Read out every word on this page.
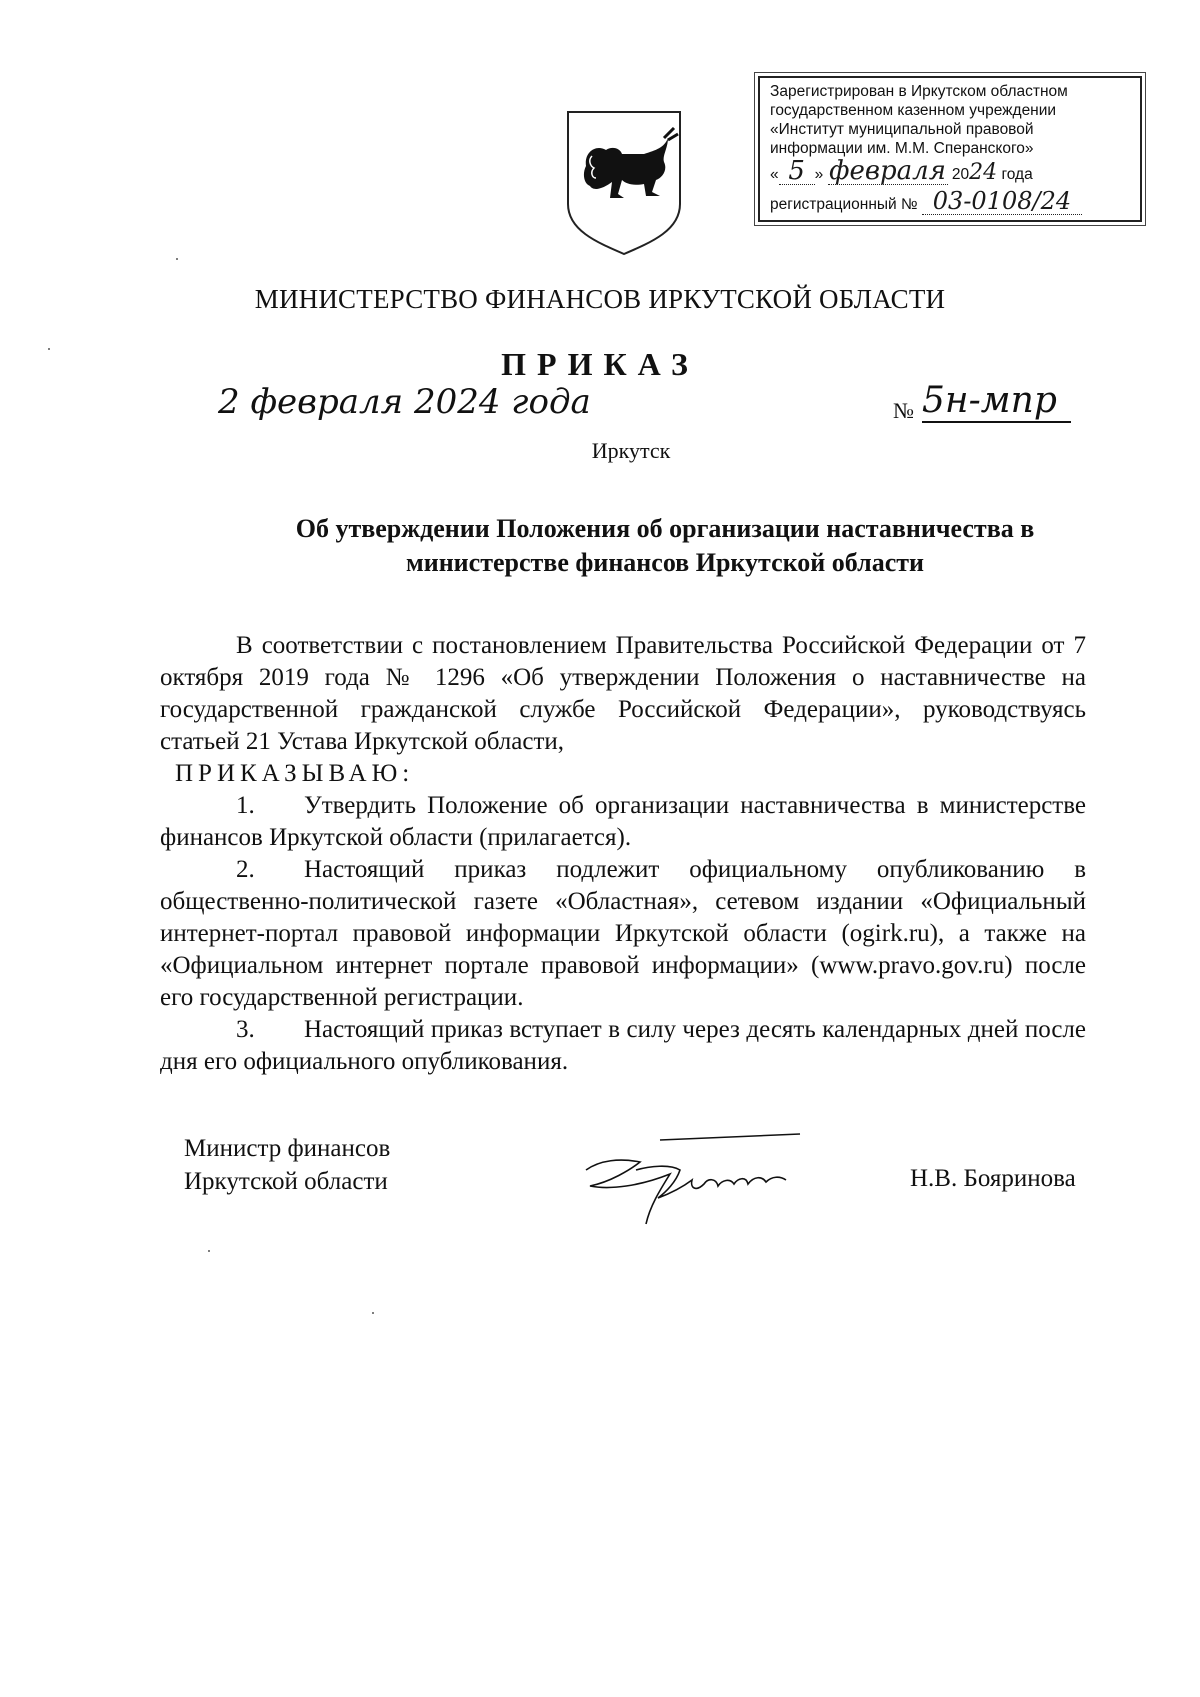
Зарегистрирован в Иркутском областном
государственном казенном учреждении
«Институт муниципальной правовой
информации им. М.М. Сперанского»
« 5 » февраля 2024 года
регистрационный № 03-0108/24
МИНИСТЕРСТВО ФИНАНСОВ ИРКУТСКОЙ ОБЛАСТИ
ПРИКАЗ
2 февраля 2024 года	№ 5н-мпр
Иркутск
Об утверждении Положения об организации наставничества в
министерстве финансов Иркутской области

В соответствии с постановлением Правительства Российской Федерации от 7 октября 2019 года № 1296 «Об утверждении Положения о наставничестве на государственной гражданской службе Российской Федерации», руководствуясь статьей 21 Устава Иркутской области,

ПРИКАЗЫВАЮ:

1. Утвердить Положение об организации наставничества в министерстве финансов Иркутской области (прилагается).

2. Настоящий приказ подлежит официальному опубликованию в общественно-политической газете «Областная», сетевом издании «Официальный интернет-портал правовой информации Иркутской области (ogirk.ru), а также на «Официальном интернет портале правовой информации» (www.pravo.gov.ru) после его государственной регистрации.

3. Настоящий приказ вступает в силу через десять календарных дней после дня его официального опубликования.

Министр финансов
Иркутской области	Н.В. Бояринова
